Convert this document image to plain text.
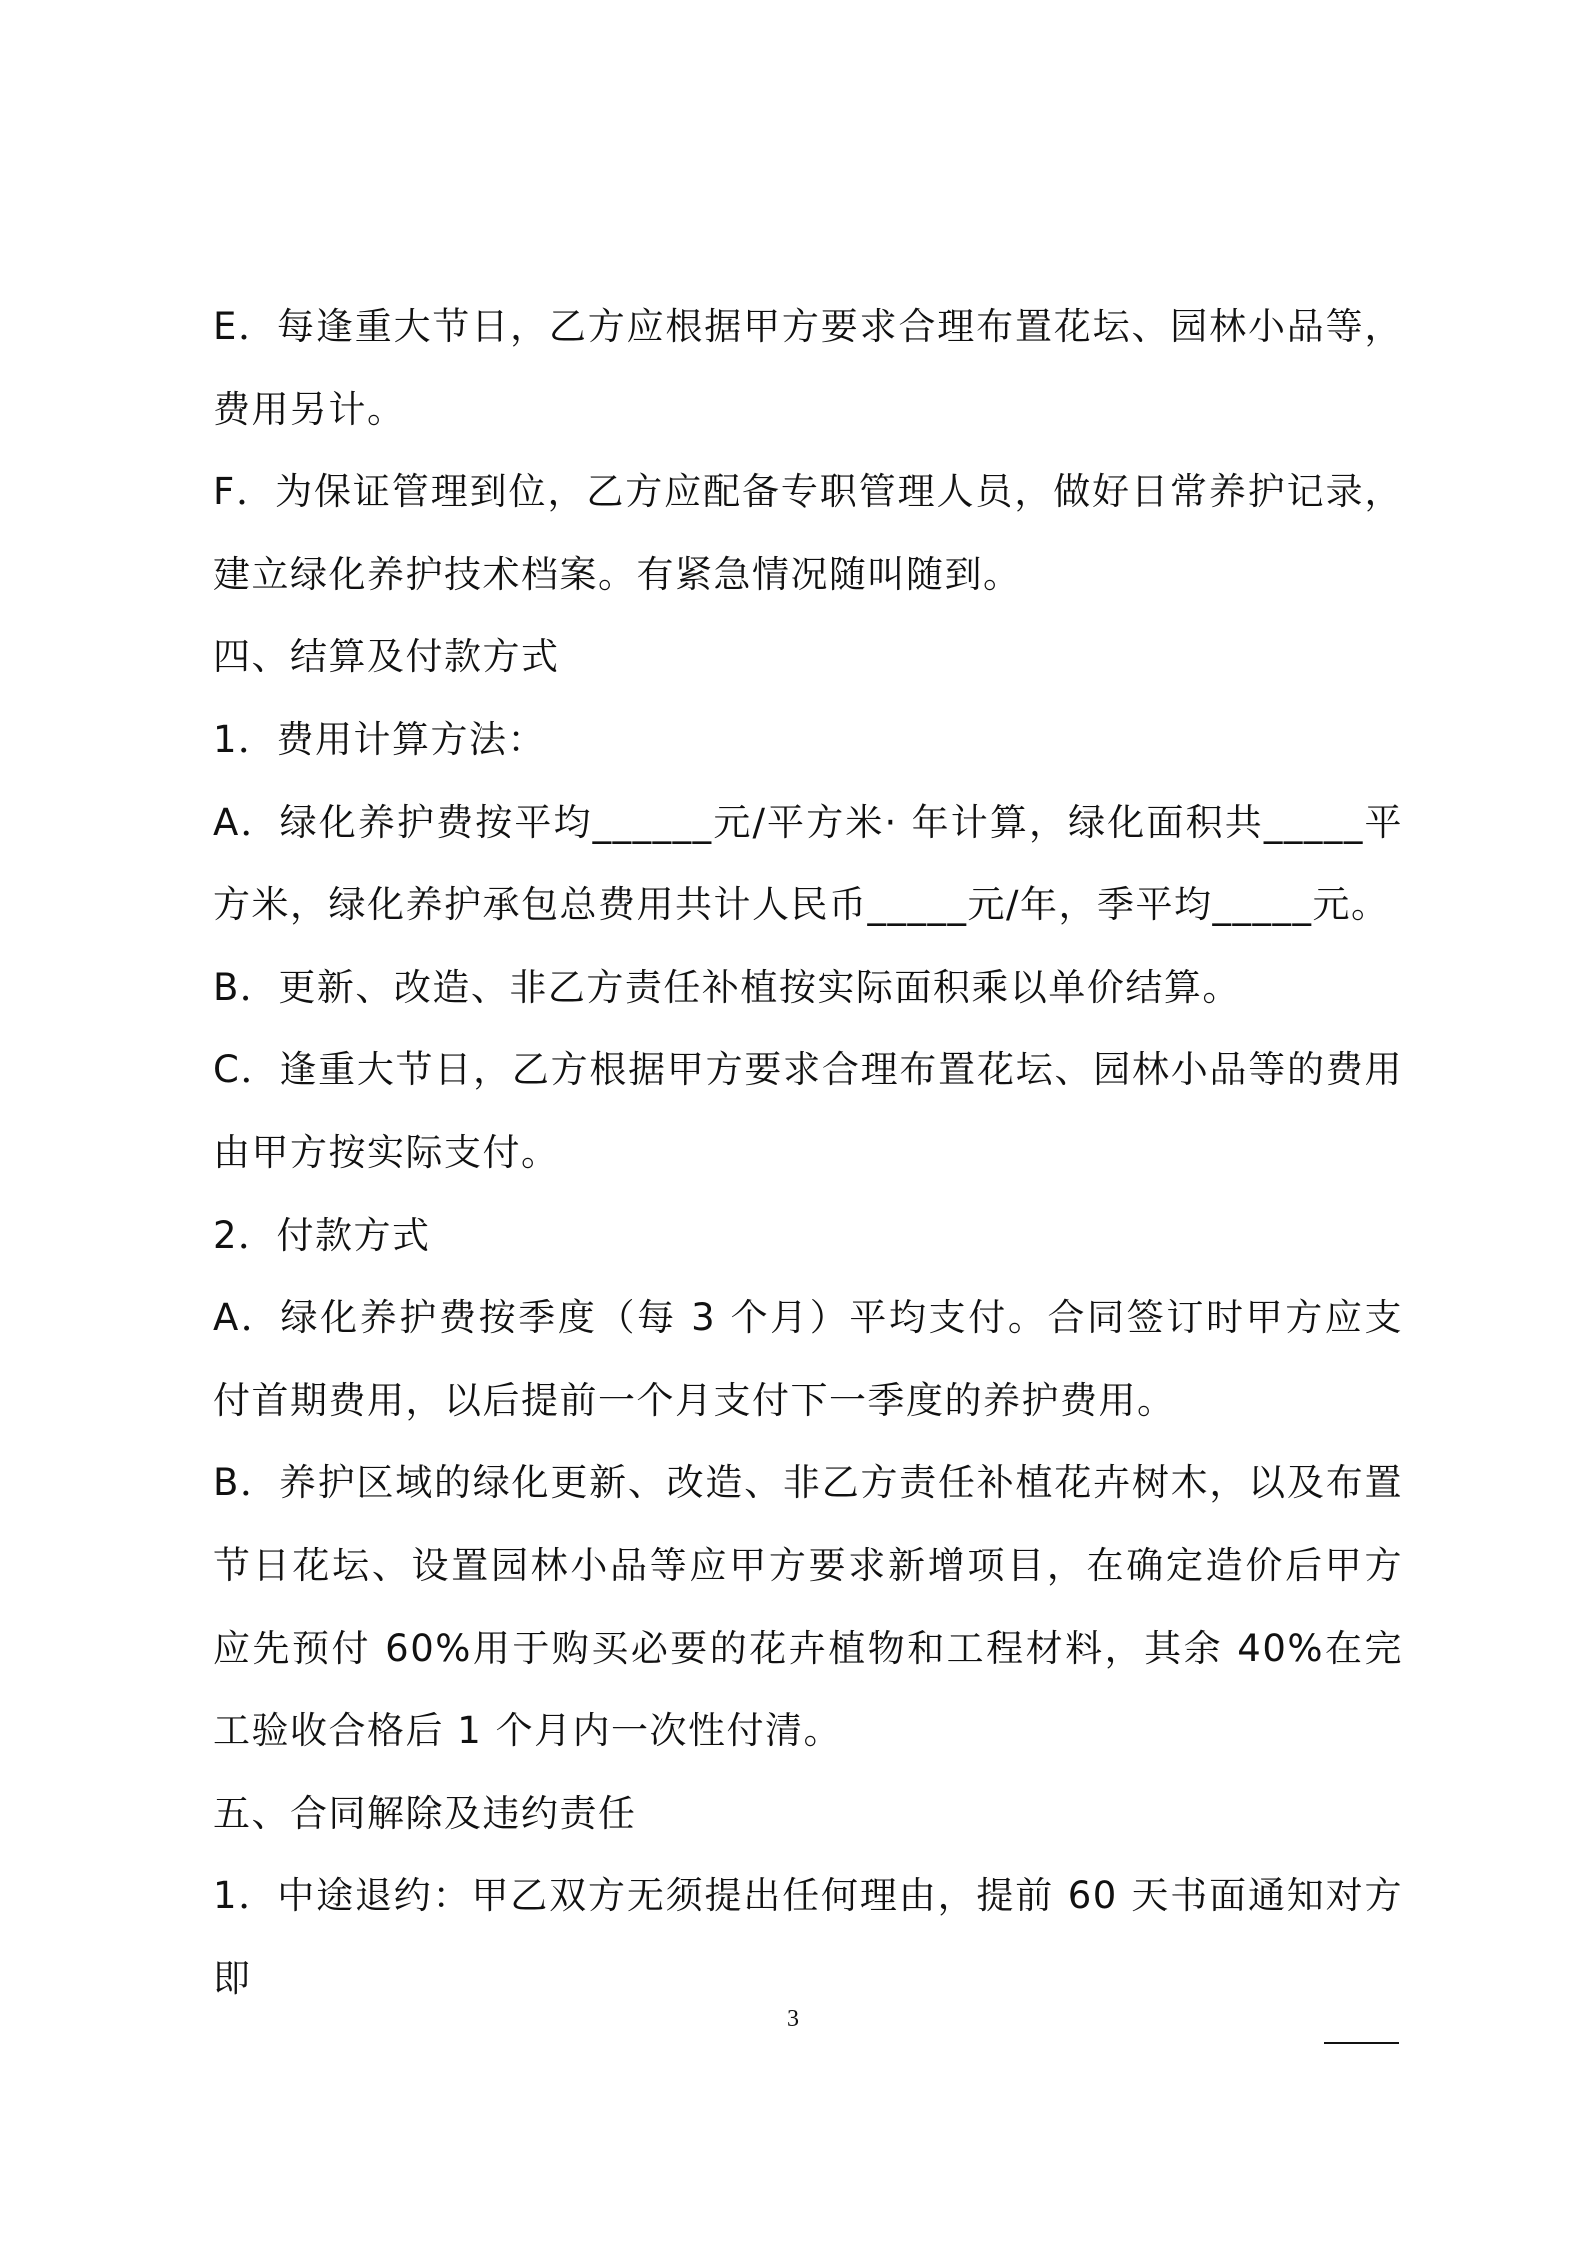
E．每逢重大节日，乙方应根据甲方要求合理布置花坛、园林小品等，费用另计。

F．为保证管理到位，乙方应配备专职管理人员，做好日常养护记录，建立绿化养护技术档案。有紧急情况随叫随到。

四、结算及付款方式

1．费用计算方法：

A．绿化养护费按平均______元/平方米· 年计算，绿化面积共_____平方米，绿化养护承包总费用共计人民币_____元/年，季平均_____元。

B．更新、改造、非乙方责任补植按实际面积乘以单价结算。

C．逢重大节日，乙方根据甲方要求合理布置花坛、园林小品等的费用由甲方按实际支付。

2．付款方式

A．绿化养护费按季度（每 3 个月）平均支付。合同签订时甲方应支付首期费用，以后提前一个月支付下一季度的养护费用。

B．养护区域的绿化更新、改造、非乙方责任补植花卉树木，以及布置节日花坛、设置园林小品等应甲方要求新增项目，在确定造价后甲方应先预付 60%用于购买必要的花卉植物和工程材料，其余 40%在完工验收合格后 1 个月内一次性付清。

五、合同解除及违约责任

1．中途退约：甲乙双方无须提出任何理由，提前 60 天书面通知对方即

3
